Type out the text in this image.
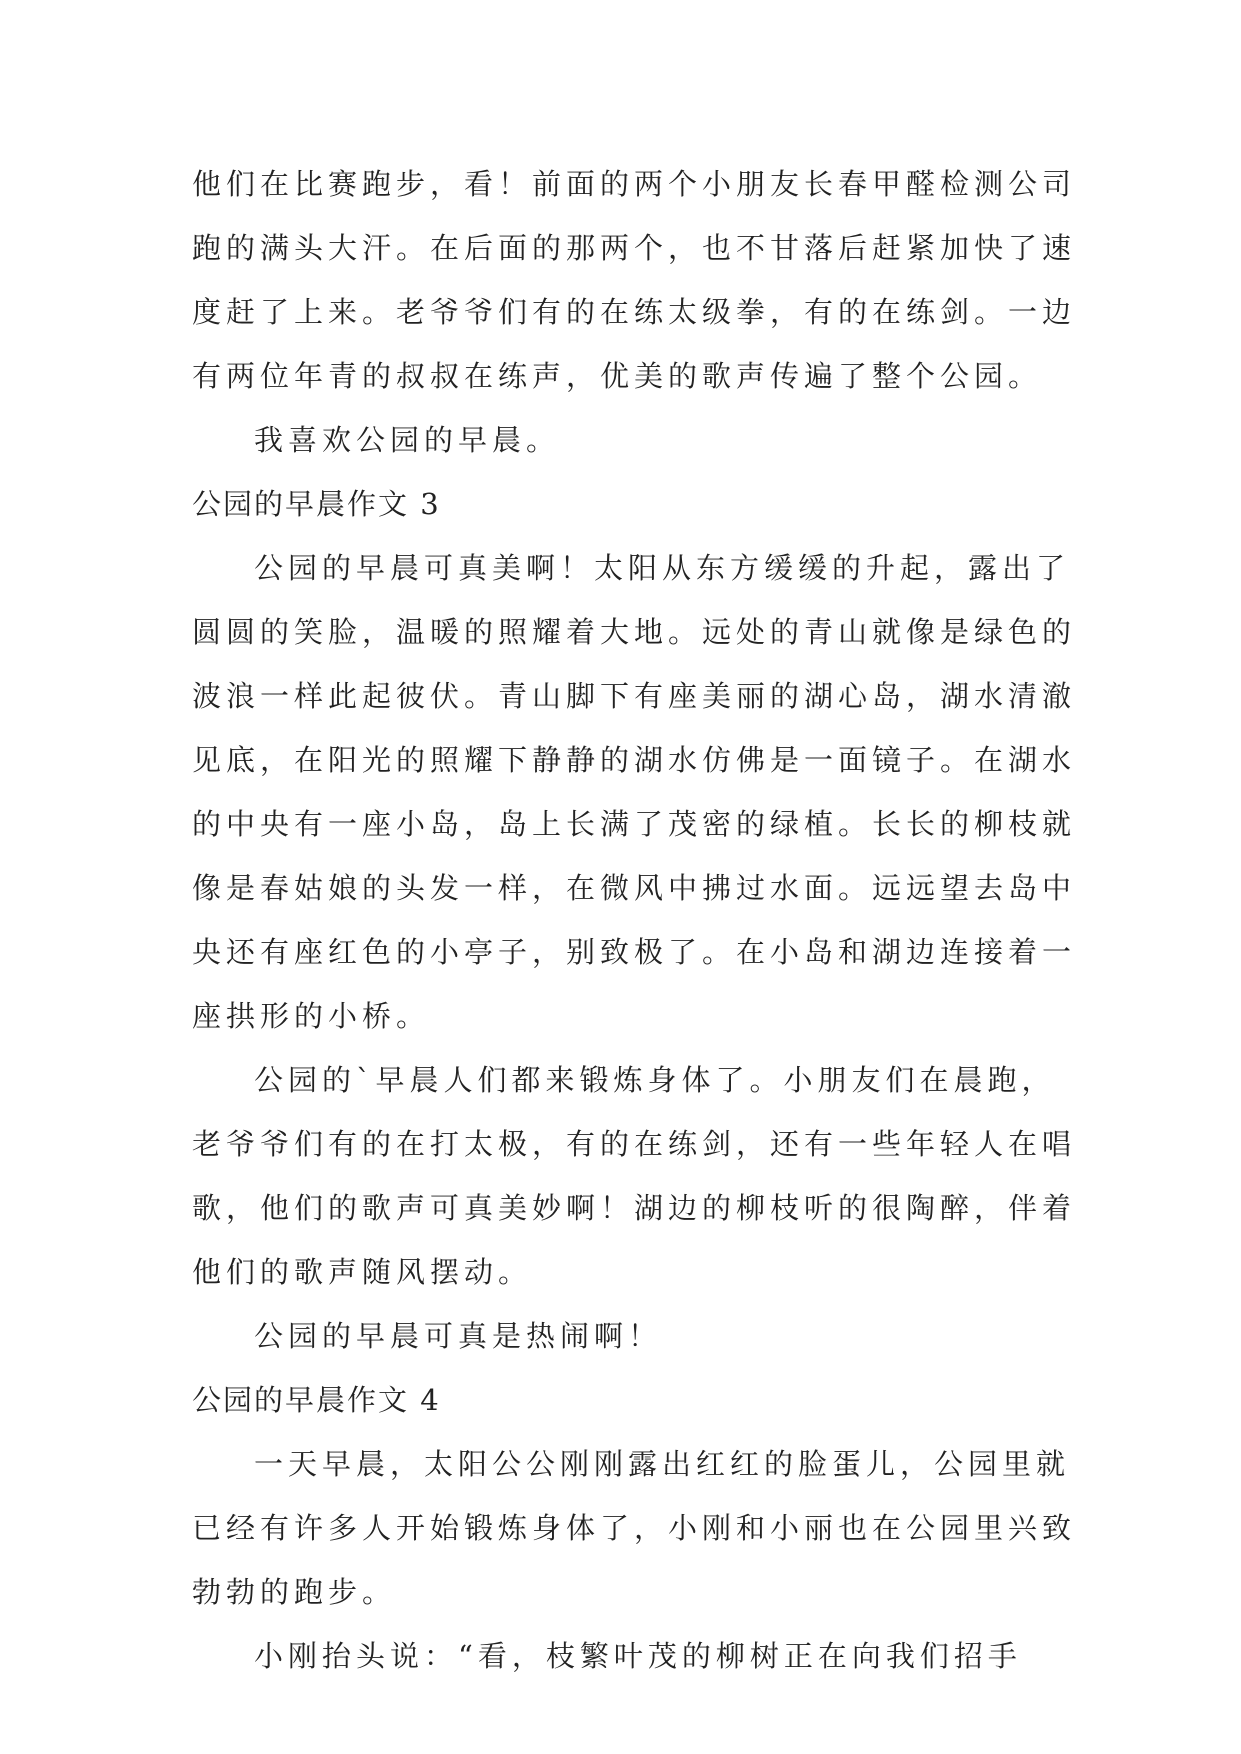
他们在比赛跑步，看！前面的两个小朋友长春甲醛检测公司
跑的满头大汗。在后面的那两个，也不甘落后赶紧加快了速
度赶了上来。老爷爷们有的在练太级拳，有的在练剑。一边
有两位年青的叔叔在练声，优美的歌声传遍了整个公园。
我喜欢公园的早晨。
公园的早晨作文 3
公园的早晨可真美啊！太阳从东方缓缓的升起，露出了
圆圆的笑脸，温暖的照耀着大地。远处的青山就像是绿色的
波浪一样此起彼伏。青山脚下有座美丽的湖心岛，湖水清澈
见底，在阳光的照耀下静静的湖水仿佛是一面镜子。在湖水
的中央有一座小岛，岛上长满了茂密的绿植。长长的柳枝就
像是春姑娘的头发一样，在微风中拂过水面。远远望去岛中
央还有座红色的小亭子，别致极了。在小岛和湖边连接着一
座拱形的小桥。
公园的`早晨人们都来锻炼身体了。小朋友们在晨跑，
老爷爷们有的在打太极，有的在练剑，还有一些年轻人在唱
歌，他们的歌声可真美妙啊！湖边的柳枝听的很陶醉，伴着
他们的歌声随风摆动。
公园的早晨可真是热闹啊！
公园的早晨作文 4
一天早晨，太阳公公刚刚露出红红的脸蛋儿，公园里就
已经有许多人开始锻炼身体了，小刚和小丽也在公园里兴致
勃勃的跑步。
小刚抬头说：“看，枝繁叶茂的柳树正在向我们招手
